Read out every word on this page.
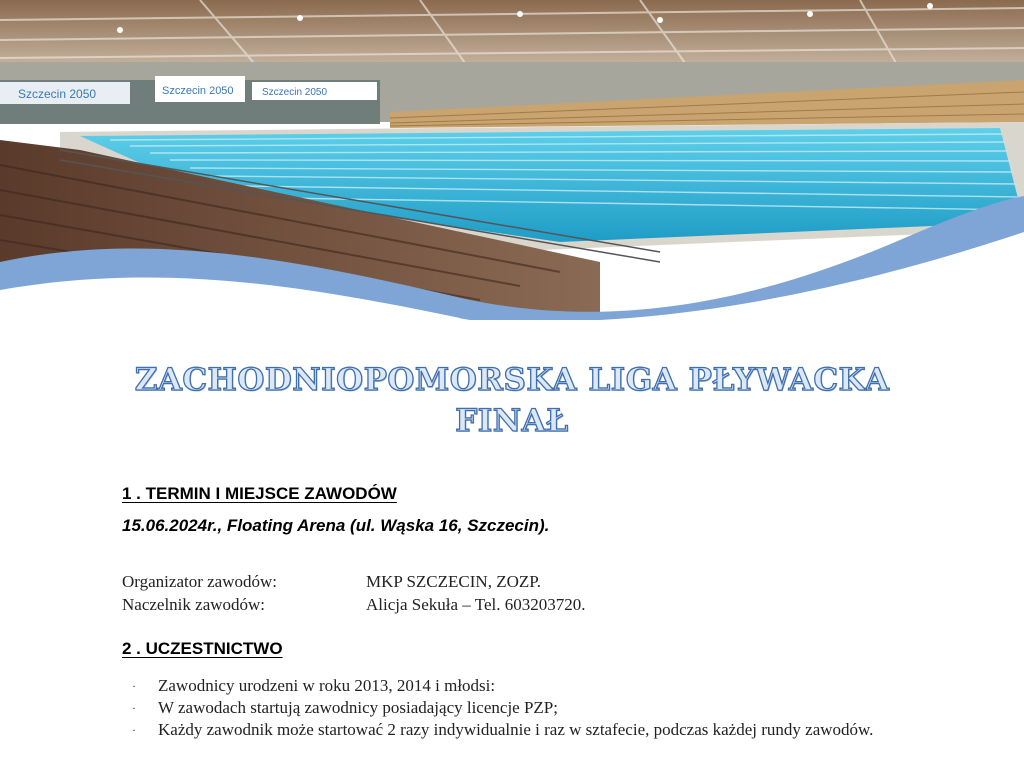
Szczecin 2050	Szczecin 2050	Szczecin 2050
ZACHODNIOPOMORSKA LIGA PŁYWACKA
FINAŁ
1 . TERMIN I MIEJSCE ZAWODÓW
15.06.2024r., Floating Arena (ul. Wąska 16, Szczecin).
Organizator zawodów:	MKP SZCZECIN, ZOZP.
Naczelnik zawodów:	Alicja Sekuła – Tel. 603203720.
2 . UCZESTNICTWO
·	Zawodnicy urodzeni w roku 2013, 2014 i młodsi:
·	W zawodach startują zawodnicy posiadający licencje PZP;
·	Każdy zawodnik może startować 2 razy indywidualnie i raz w sztafecie, podczas każdej rundy zawodów.
